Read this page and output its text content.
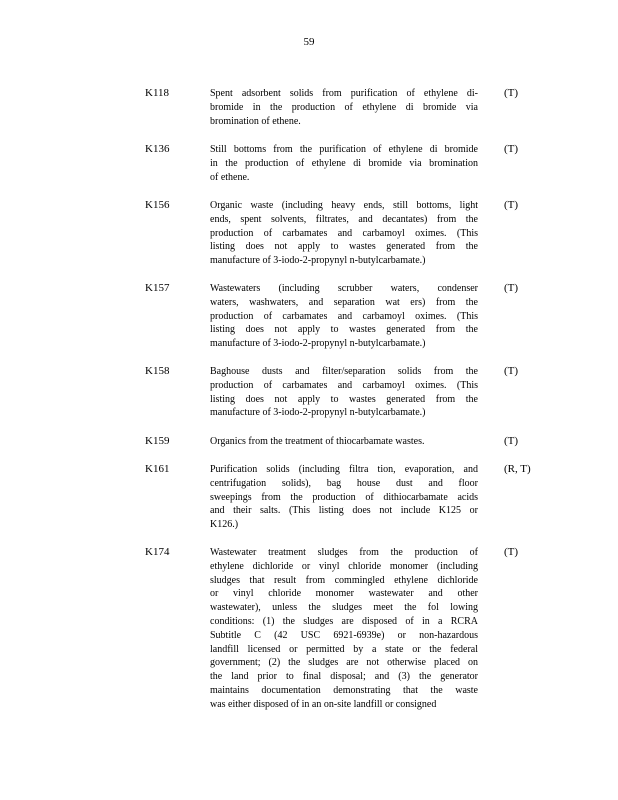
59
K118	Spent adsorbent solids from purification of ethylene di-
bromide in the production of ethylene di bromide via
bromination of ethene.
(T)
K136	Still bottoms from the purification of ethylene di bromide
in the production of ethylene di bromide via bromination
of ethene.
(T)
K156	Organic waste (including heavy ends, still bottoms, light
ends, spent solvents, filtrates, and decantates) from the
production of carbamates and carbamoyl oximes. (This
listing does not apply to wastes generated from the
manufacture of 3-iodo-2-propynyl n-butylcarbamate.)
(T)
K157	Wastewaters (including scrubber waters, condenser
waters, washwaters, and separation wat ers) from the
production of carbamates and carbamoyl oximes. (This
listing does not apply to wastes generated from the
manufacture of 3-iodo-2-propynyl n-butylcarbamate.)
(T)
K158	Baghouse dusts and filter/separation solids from the
production of carbamates and carbamoyl oximes. (This
listing does not apply to wastes generated from the
manufacture of 3-iodo-2-propynyl n-butylcarbamate.)
(T)
K159	Organics from the treatment of thiocarbamate wastes.	(T)
K161	Purification solids (including filtra tion, evaporation, and
centrifugation solids), bag house dust and floor
sweepings from the production of dithiocarbamate acids
and their salts. (This listing does not include K125 or
K126.)
(R, T)
K174	Wastewater treatment sludges from the production of
ethylene dichloride or vinyl chloride monomer (including
sludges that result from commingled ethylene dichloride
or vinyl chloride monomer wastewater and other
wastewater), unless the sludges meet the fol lowing
conditions: (1) the sludges are disposed of in a RCRA
Subtitle C (42 USC 6921-6939e) or non-hazardous
landfill licensed or permitted by a state or the federal
government; (2) the sludges are not otherwise placed on
the land prior to final disposal; and (3) the generator
maintains documentation demonstrating that the waste
was either disposed of in an on-site landfill or consigned
(T)
